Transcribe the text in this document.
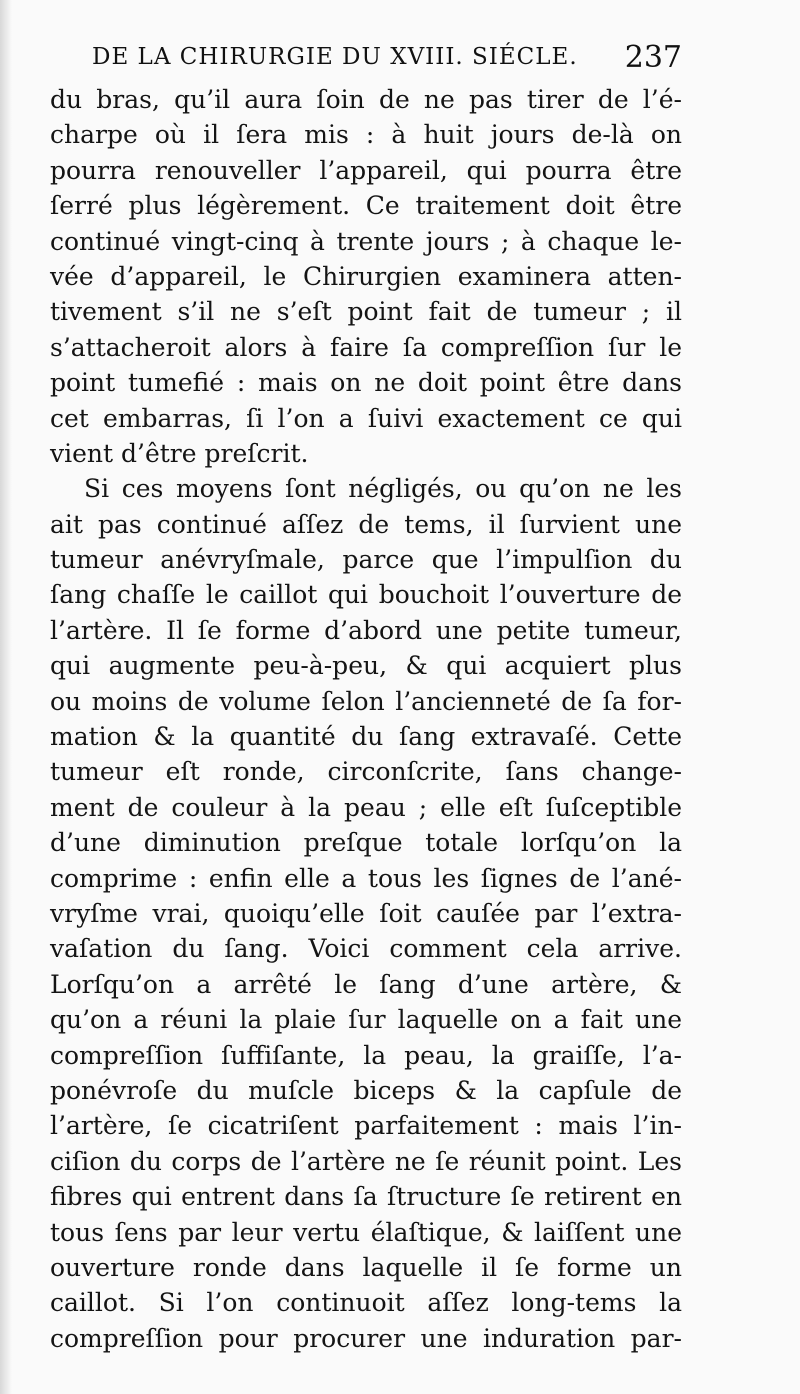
DE LA CHIRURGIE DU XVIII. SIÉCLE. 237
du bras, qu’il aura ſoin de ne pas tirer de l’é-
charpe où il ſera mis : à huit jours de-là on
pourra renouveller l’appareil, qui pourra être
ſerré plus légèrement. Ce traitement doit être
continué vingt-cinq à trente jours ; à chaque le-
vée d’appareil, le Chirurgien examinera atten-
tivement s’il ne s’eſt point fait de tumeur ; il
s’attacheroit alors à faire ſa compreſſion ſur le
point tumefié : mais on ne doit point être dans
cet embarras, ſi l’on a ſuivi exactement ce qui
vient d’être preſcrit.
Si ces moyens ſont négligés, ou qu’on ne les
ait pas continué aſſez de tems, il ſurvient une
tumeur anévryſmale, parce que l’impulſion du
ſang chaſſe le caillot qui bouchoit l’ouverture de
l’artère. Il ſe forme d’abord une petite tumeur,
qui augmente peu-à-peu, & qui acquiert plus
ou moins de volume ſelon l’ancienneté de ſa for-
mation & la quantité du ſang extravaſé. Cette
tumeur eſt ronde, circonſcrite, ſans change-
ment de couleur à la peau ; elle eſt ſuſceptible
d’une diminution preſque totale lorſqu’on la
comprime : enfin elle a tous les ſignes de l’ané-
vryſme vrai, quoiqu’elle ſoit cauſée par l’extra-
vaſation du ſang. Voici comment cela arrive.
Lorſqu’on a arrêté le ſang d’une artère, &
qu’on a réuni la plaie ſur laquelle on a fait une
compreſſion ſuffiſante, la peau, la graiſſe, l’a-
ponévroſe du muſcle biceps & la capſule de
l’artère, ſe cicatriſent parfaitement : mais l’in-
ciſion du corps de l’artère ne ſe réunit point. Les
fibres qui entrent dans ſa ſtructure ſe retirent en
tous ſens par leur vertu élaſtique, & laiſſent une
ouverture ronde dans laquelle il ſe forme un
caillot. Si l’on continuoit aſſez long-tems la
compreſſion pour procurer une induration par-
